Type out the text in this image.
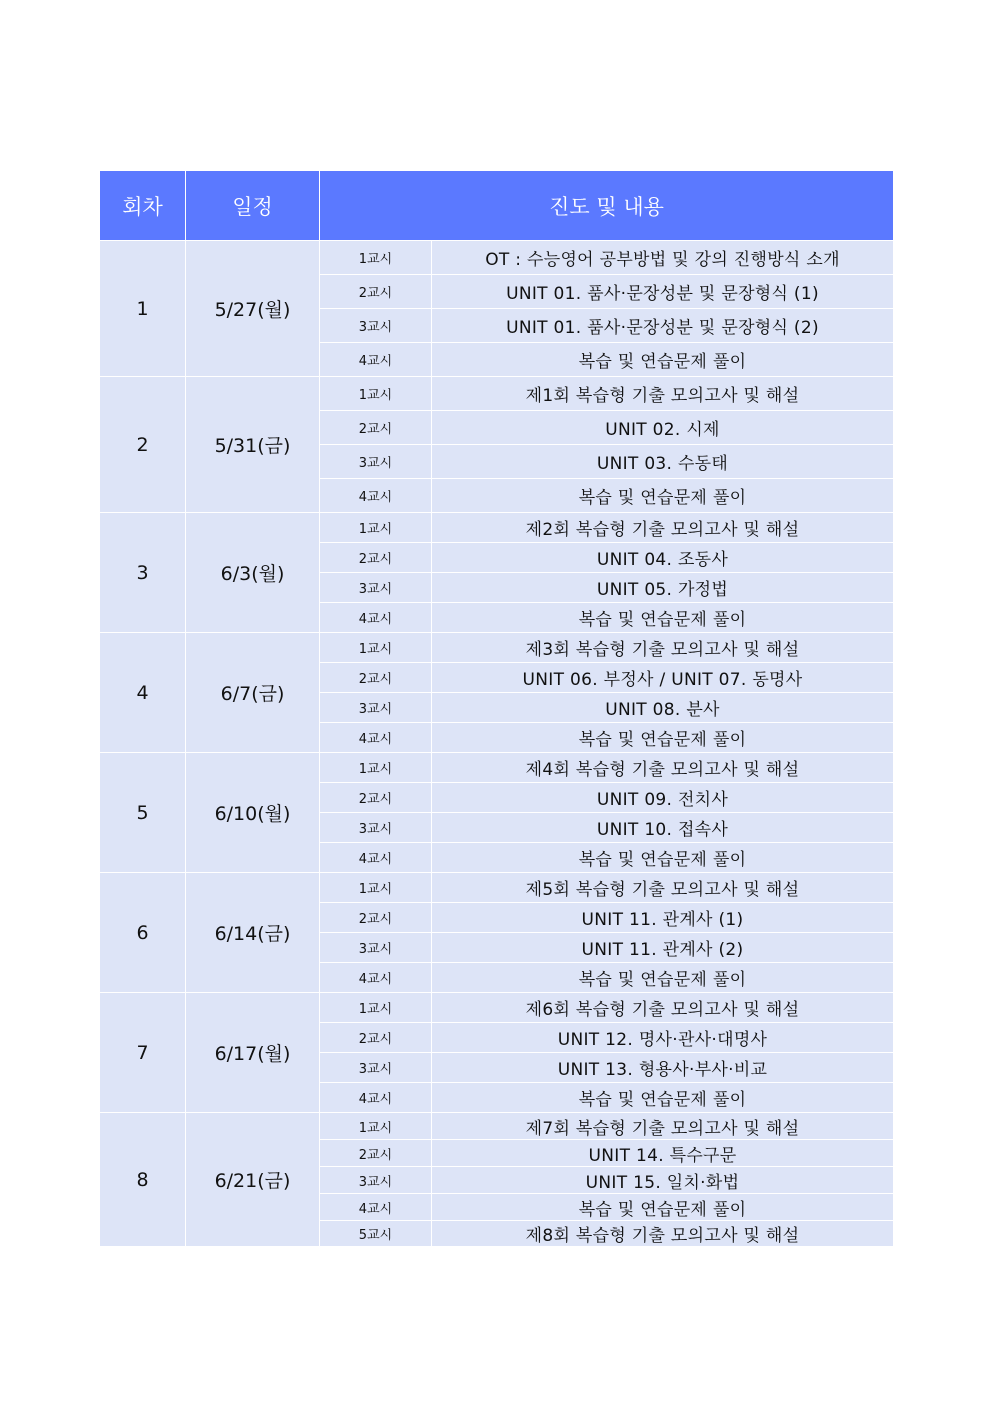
회차	일정	진도 및 내용	
1	5/27(월)	1교시	OT : 수능영어 공부방법 및 강의 진행방식 소개
		2교시	UNIT 01. 품사·문장성분 및 문장형식 (1)
		3교시	UNIT 01. 품사·문장성분 및 문장형식 (2)
		4교시	복습 및 연습문제 풀이
2	5/31(금)	1교시	제1회 복습형 기출 모의고사 및 해설
		2교시	UNIT 02. 시제
		3교시	UNIT 03. 수동태
		4교시	복습 및 연습문제 풀이
3	6/3(월)	1교시	제2회 복습형 기출 모의고사 및 해설
		2교시	UNIT 04. 조동사
		3교시	UNIT 05. 가정법
		4교시	복습 및 연습문제 풀이
4	6/7(금)	1교시	제3회 복습형 기출 모의고사 및 해설
		2교시	UNIT 06. 부정사 / UNIT 07. 동명사
		3교시	UNIT 08. 분사
		4교시	복습 및 연습문제 풀이
5	6/10(월)	1교시	제4회 복습형 기출 모의고사 및 해설
		2교시	UNIT 09. 전치사
		3교시	UNIT 10. 접속사
		4교시	복습 및 연습문제 풀이
6	6/14(금)	1교시	제5회 복습형 기출 모의고사 및 해설
		2교시	UNIT 11. 관계사 (1)
		3교시	UNIT 11. 관계사 (2)
		4교시	복습 및 연습문제 풀이
7	6/17(월)	1교시	제6회 복습형 기출 모의고사 및 해설
		2교시	UNIT 12. 명사·관사·대명사
		3교시	UNIT 13. 형용사·부사·비교
		4교시	복습 및 연습문제 풀이
8	6/21(금)	1교시	제7회 복습형 기출 모의고사 및 해설
		2교시	UNIT 14. 특수구문
		3교시	UNIT 15. 일치·화법
		4교시	복습 및 연습문제 풀이
		5교시	제8회 복습형 기출 모의고사 및 해설
